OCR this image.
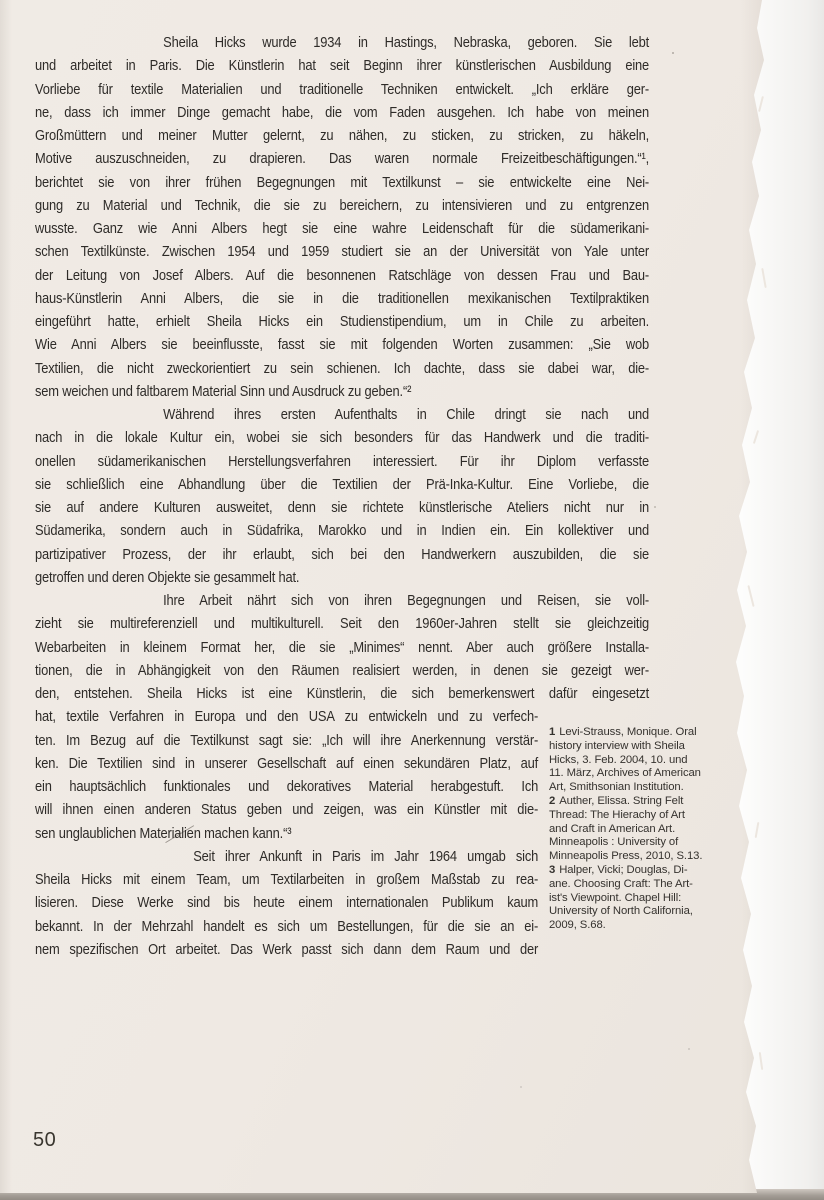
Sheila Hicks wurde 1934 in Hastings, Nebraska, geboren. Sie lebt
und arbeitet in Paris. Die Künstlerin hat seit Beginn ihrer künstlerischen Ausbildung eine
Vorliebe für textile Materialien und traditionelle Techniken entwickelt. „Ich erkläre ger-
ne, dass ich immer Dinge gemacht habe, die vom Faden ausgehen. Ich habe von meinen
Großmüttern und meiner Mutter gelernt, zu nähen, zu sticken, zu stricken, zu häkeln,
Motive auszuschneiden, zu drapieren. Das waren normale Freizeitbeschäftigungen.“¹,
berichtet sie von ihrer frühen Begegnungen mit Textilkunst – sie entwickelte eine Nei-
gung zu Material und Technik, die sie zu bereichern, zu intensivieren und zu entgrenzen
wusste. Ganz wie Anni Albers hegt sie eine wahre Leidenschaft für die südamerikani-
schen Textilkünste. Zwischen 1954 und 1959 studiert sie an der Universität von Yale unter
der Leitung von Josef Albers. Auf die besonnenen Ratschläge von dessen Frau und Bau-
haus-Künstlerin Anni Albers, die sie in die traditionellen mexikanischen Textilpraktiken
eingeführt hatte, erhielt Sheila Hicks ein Studienstipendium, um in Chile zu arbeiten.
Wie Anni Albers sie beeinflusste, fasst sie mit folgenden Worten zusammen: „Sie wob
Textilien, die nicht zweckorientiert zu sein schienen. Ich dachte, dass sie dabei war, die-
sem weichen und faltbarem Material Sinn und Ausdruck zu geben.“²
Während ihres ersten Aufenthalts in Chile dringt sie nach und
nach in die lokale Kultur ein, wobei sie sich besonders für das Handwerk und die traditi-
onellen südamerikanischen Herstellungsverfahren interessiert. Für ihr Diplom verfasste
sie schließlich eine Abhandlung über die Textilien der Prä-Inka-Kultur. Eine Vorliebe, die
sie auf andere Kulturen ausweitet, denn sie richtete künstlerische Ateliers nicht nur in
Südamerika, sondern auch in Südafrika, Marokko und in Indien ein. Ein kollektiver und
partizipativer Prozess, der ihr erlaubt, sich bei den Handwerkern auszubilden, die sie
getroffen und deren Objekte sie gesammelt hat.
Ihre Arbeit nährt sich von ihren Begegnungen und Reisen, sie voll-
zieht sie multireferenziell und multikulturell. Seit den 1960er-Jahren stellt sie gleichzeitig
Webarbeiten in kleinem Format her, die sie „Minimes“ nennt. Aber auch größere Installa-
tionen, die in Abhängigkeit von den Räumen realisiert werden, in denen sie gezeigt wer-
den, entstehen. Sheila Hicks ist eine Künstlerin, die sich bemerkenswert dafür eingesetzt
hat, textile Verfahren in Europa und den USA zu entwickeln und zu verfech-
ten. Im Bezug auf die Textilkunst sagt sie: „Ich will ihre Anerkennung verstär-
ken. Die Textilien sind in unserer Gesellschaft auf einen sekundären Platz, auf
ein hauptsächlich funktionales und dekoratives Material herabgestuft. Ich
will ihnen einen anderen Status geben und zeigen, was ein Künstler mit die-
sen unglaublichen Materialien machen kann.“³
Seit ihrer Ankunft in Paris im Jahr 1964 umgab sich
Sheila Hicks mit einem Team, um Textilarbeiten in großem Maßstab zu rea-
lisieren. Diese Werke sind bis heute einem internationalen Publikum kaum
bekannt. In der Mehrzahl handelt es sich um Bestellungen, für die sie an ei-
nem spezifischen Ort arbeitet. Das Werk passt sich dann dem Raum und der
1 Levi-Strauss, Monique. Oral
history interview with Sheila
Hicks, 3. Feb. 2004, 10. und
11. März, Archives of American
Art, Smithsonian Institution.
2 Auther, Elissa. String Felt
Thread: The Hierachy of Art
and Craft in American Art.
Minneapolis : University of
Minneapolis Press, 2010, S.13.
3 Halper, Vicki; Douglas, Di-
ane. Choosing Craft: The Art-
ist's Viewpoint. Chapel Hill:
University of North California,
2009, S.68.
50
